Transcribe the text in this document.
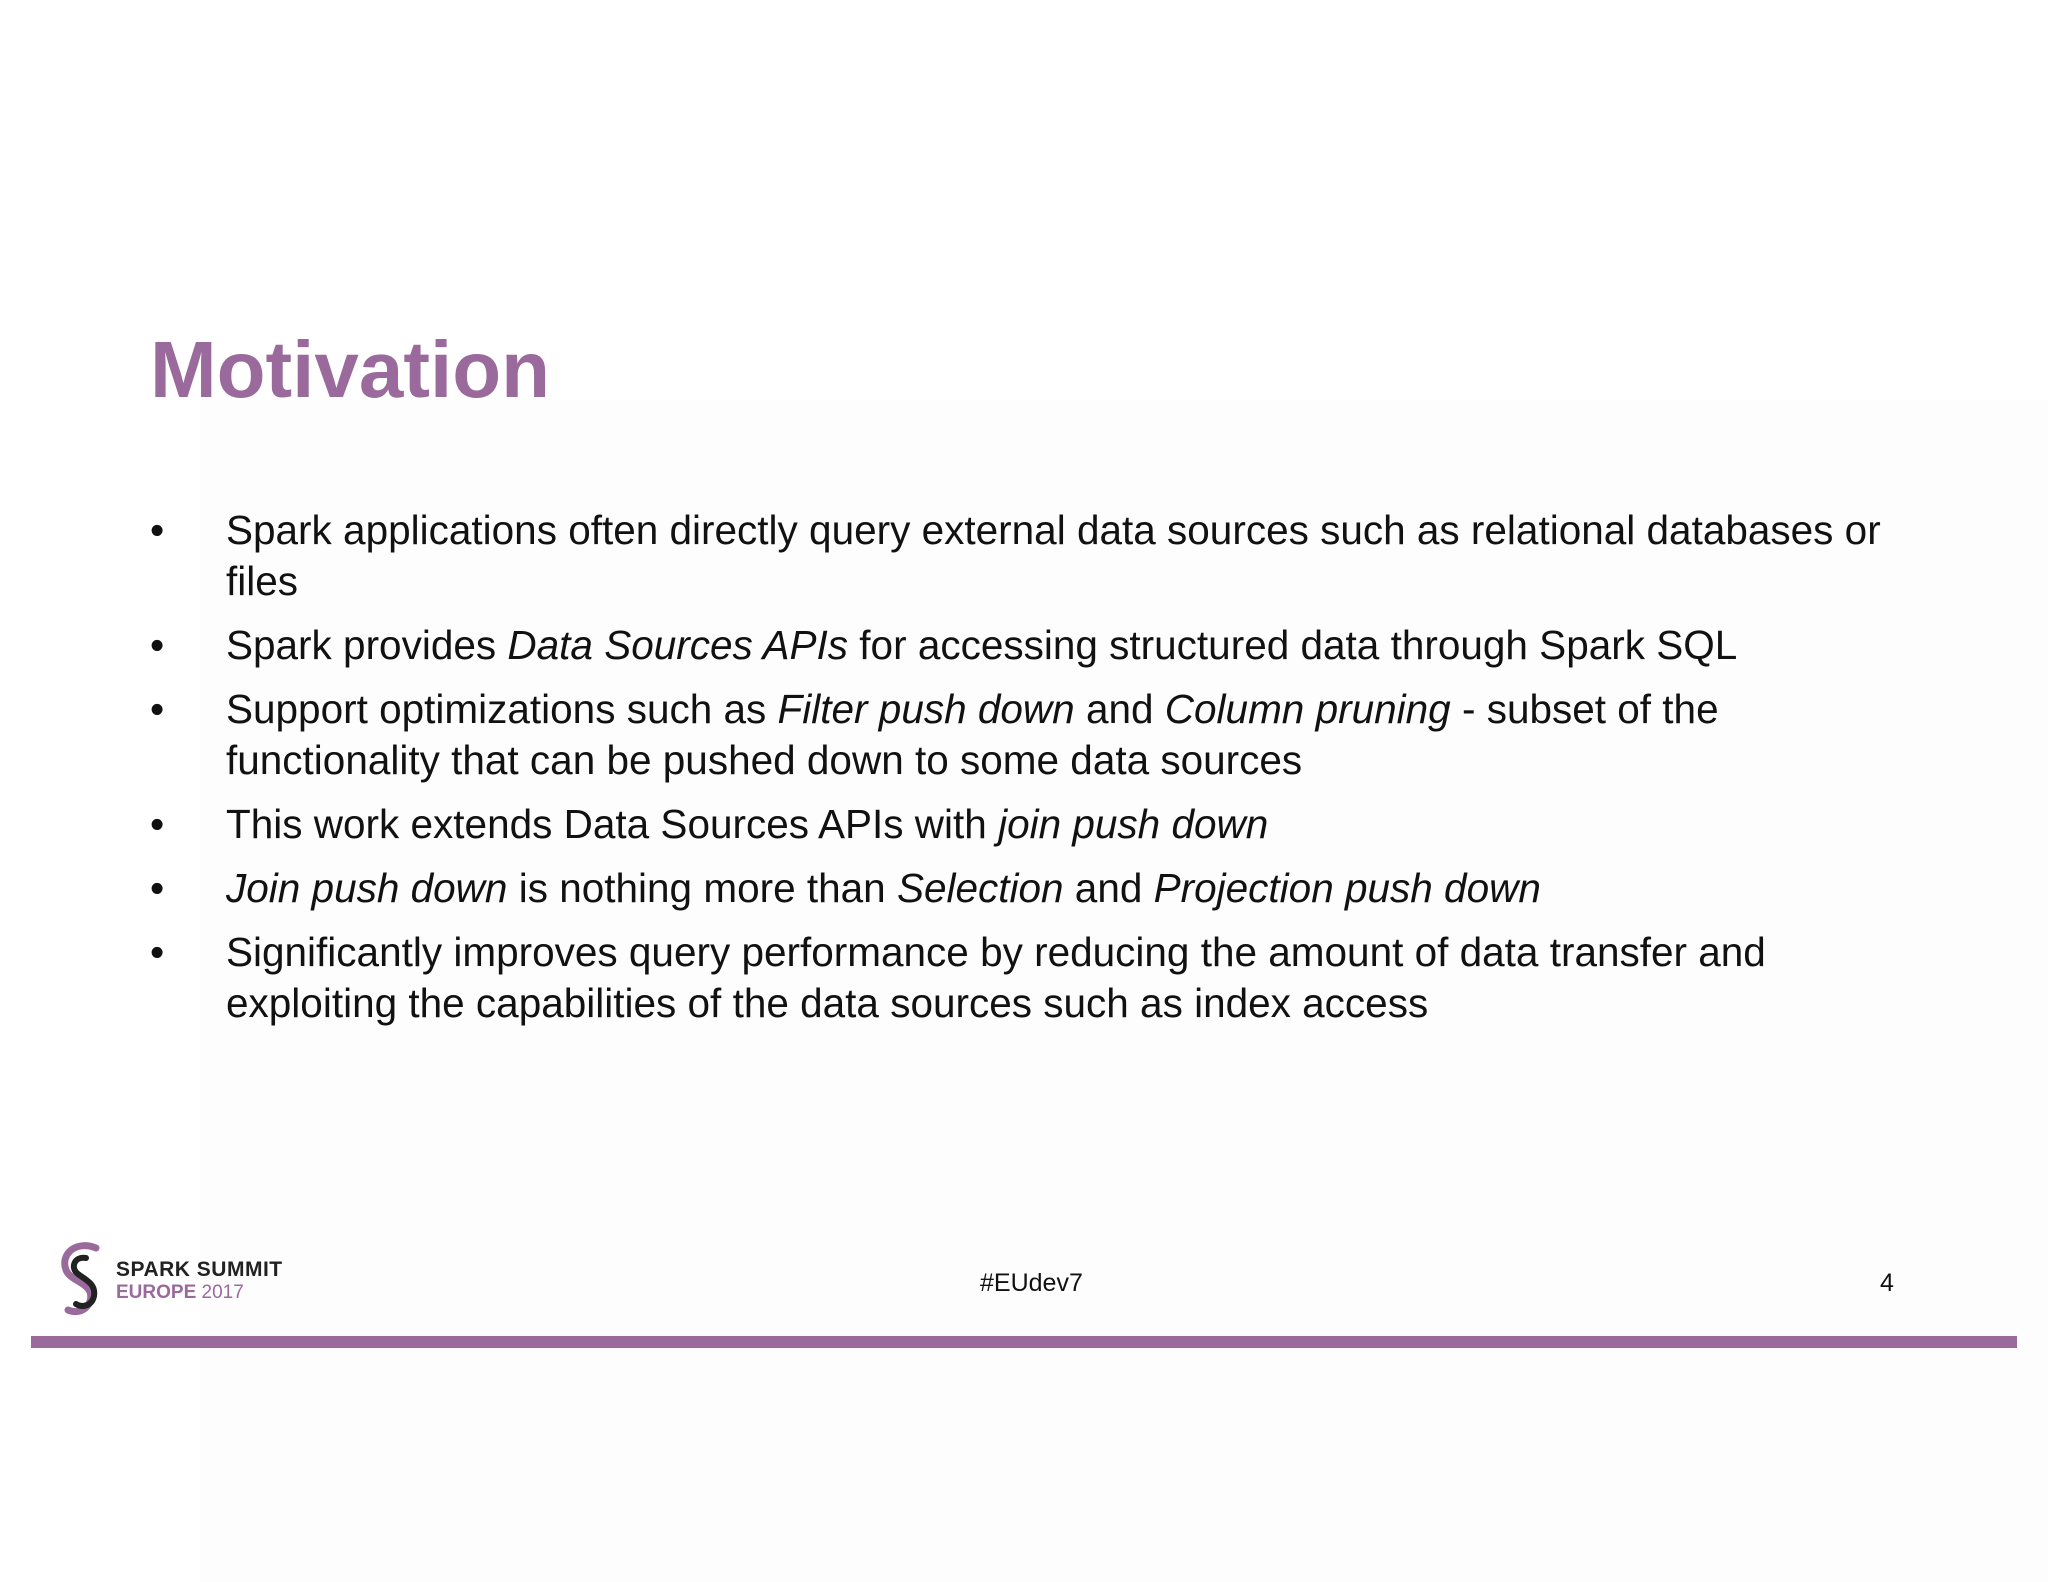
Motivation
• Spark applications often directly query external data sources such as relational databases or files
• Spark provides Data Sources APIs for accessing structured data through Spark SQL
• Support optimizations such as Filter push down and Column pruning - subset of the functionality that can be pushed down to some data sources
• This work extends Data Sources APIs with join push down
• Join push down is nothing more than Selection and Projection push down
• Significantly improves query performance by reducing the amount of data transfer and exploiting the capabilities of the data sources such as index access
SPARK SUMMIT
EUROPE 2017	#EUdev7	4
